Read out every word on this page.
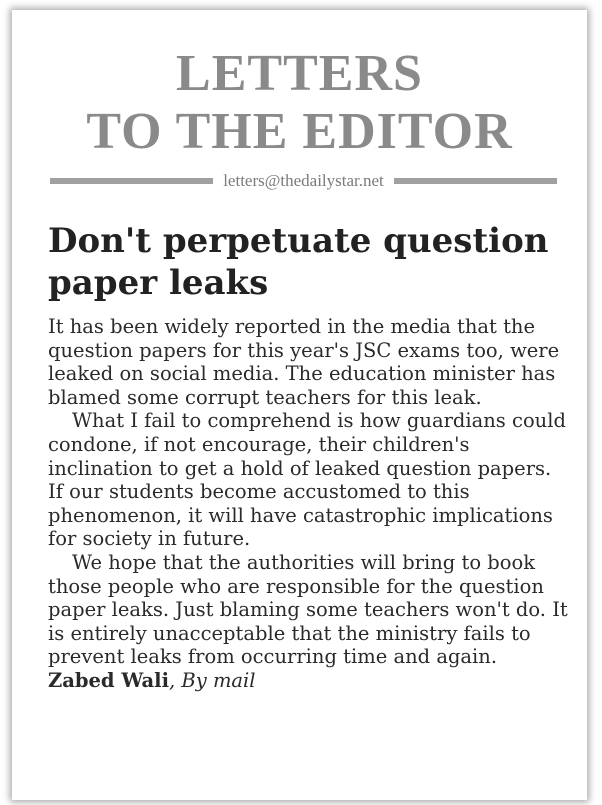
LETTERS
TO THE EDITOR
letters@thedailystar.net
Don't perpetuate question paper leaks

It has been widely reported in the media that the question papers for this year's JSC exams too, were leaked on social media. The education minister has blamed some corrupt teachers for this leak.

What I fail to comprehend is how guardians could condone, if not encourage, their children's inclination to get a hold of leaked question papers. If our students become accustomed to this phenomenon, it will have catastrophic implications for society in future.

We hope that the authorities will bring to book those people who are responsible for the question paper leaks. Just blaming some teachers won't do. It is entirely unacceptable that the ministry fails to prevent leaks from occurring time and again.

Zabed Wali, By mail
